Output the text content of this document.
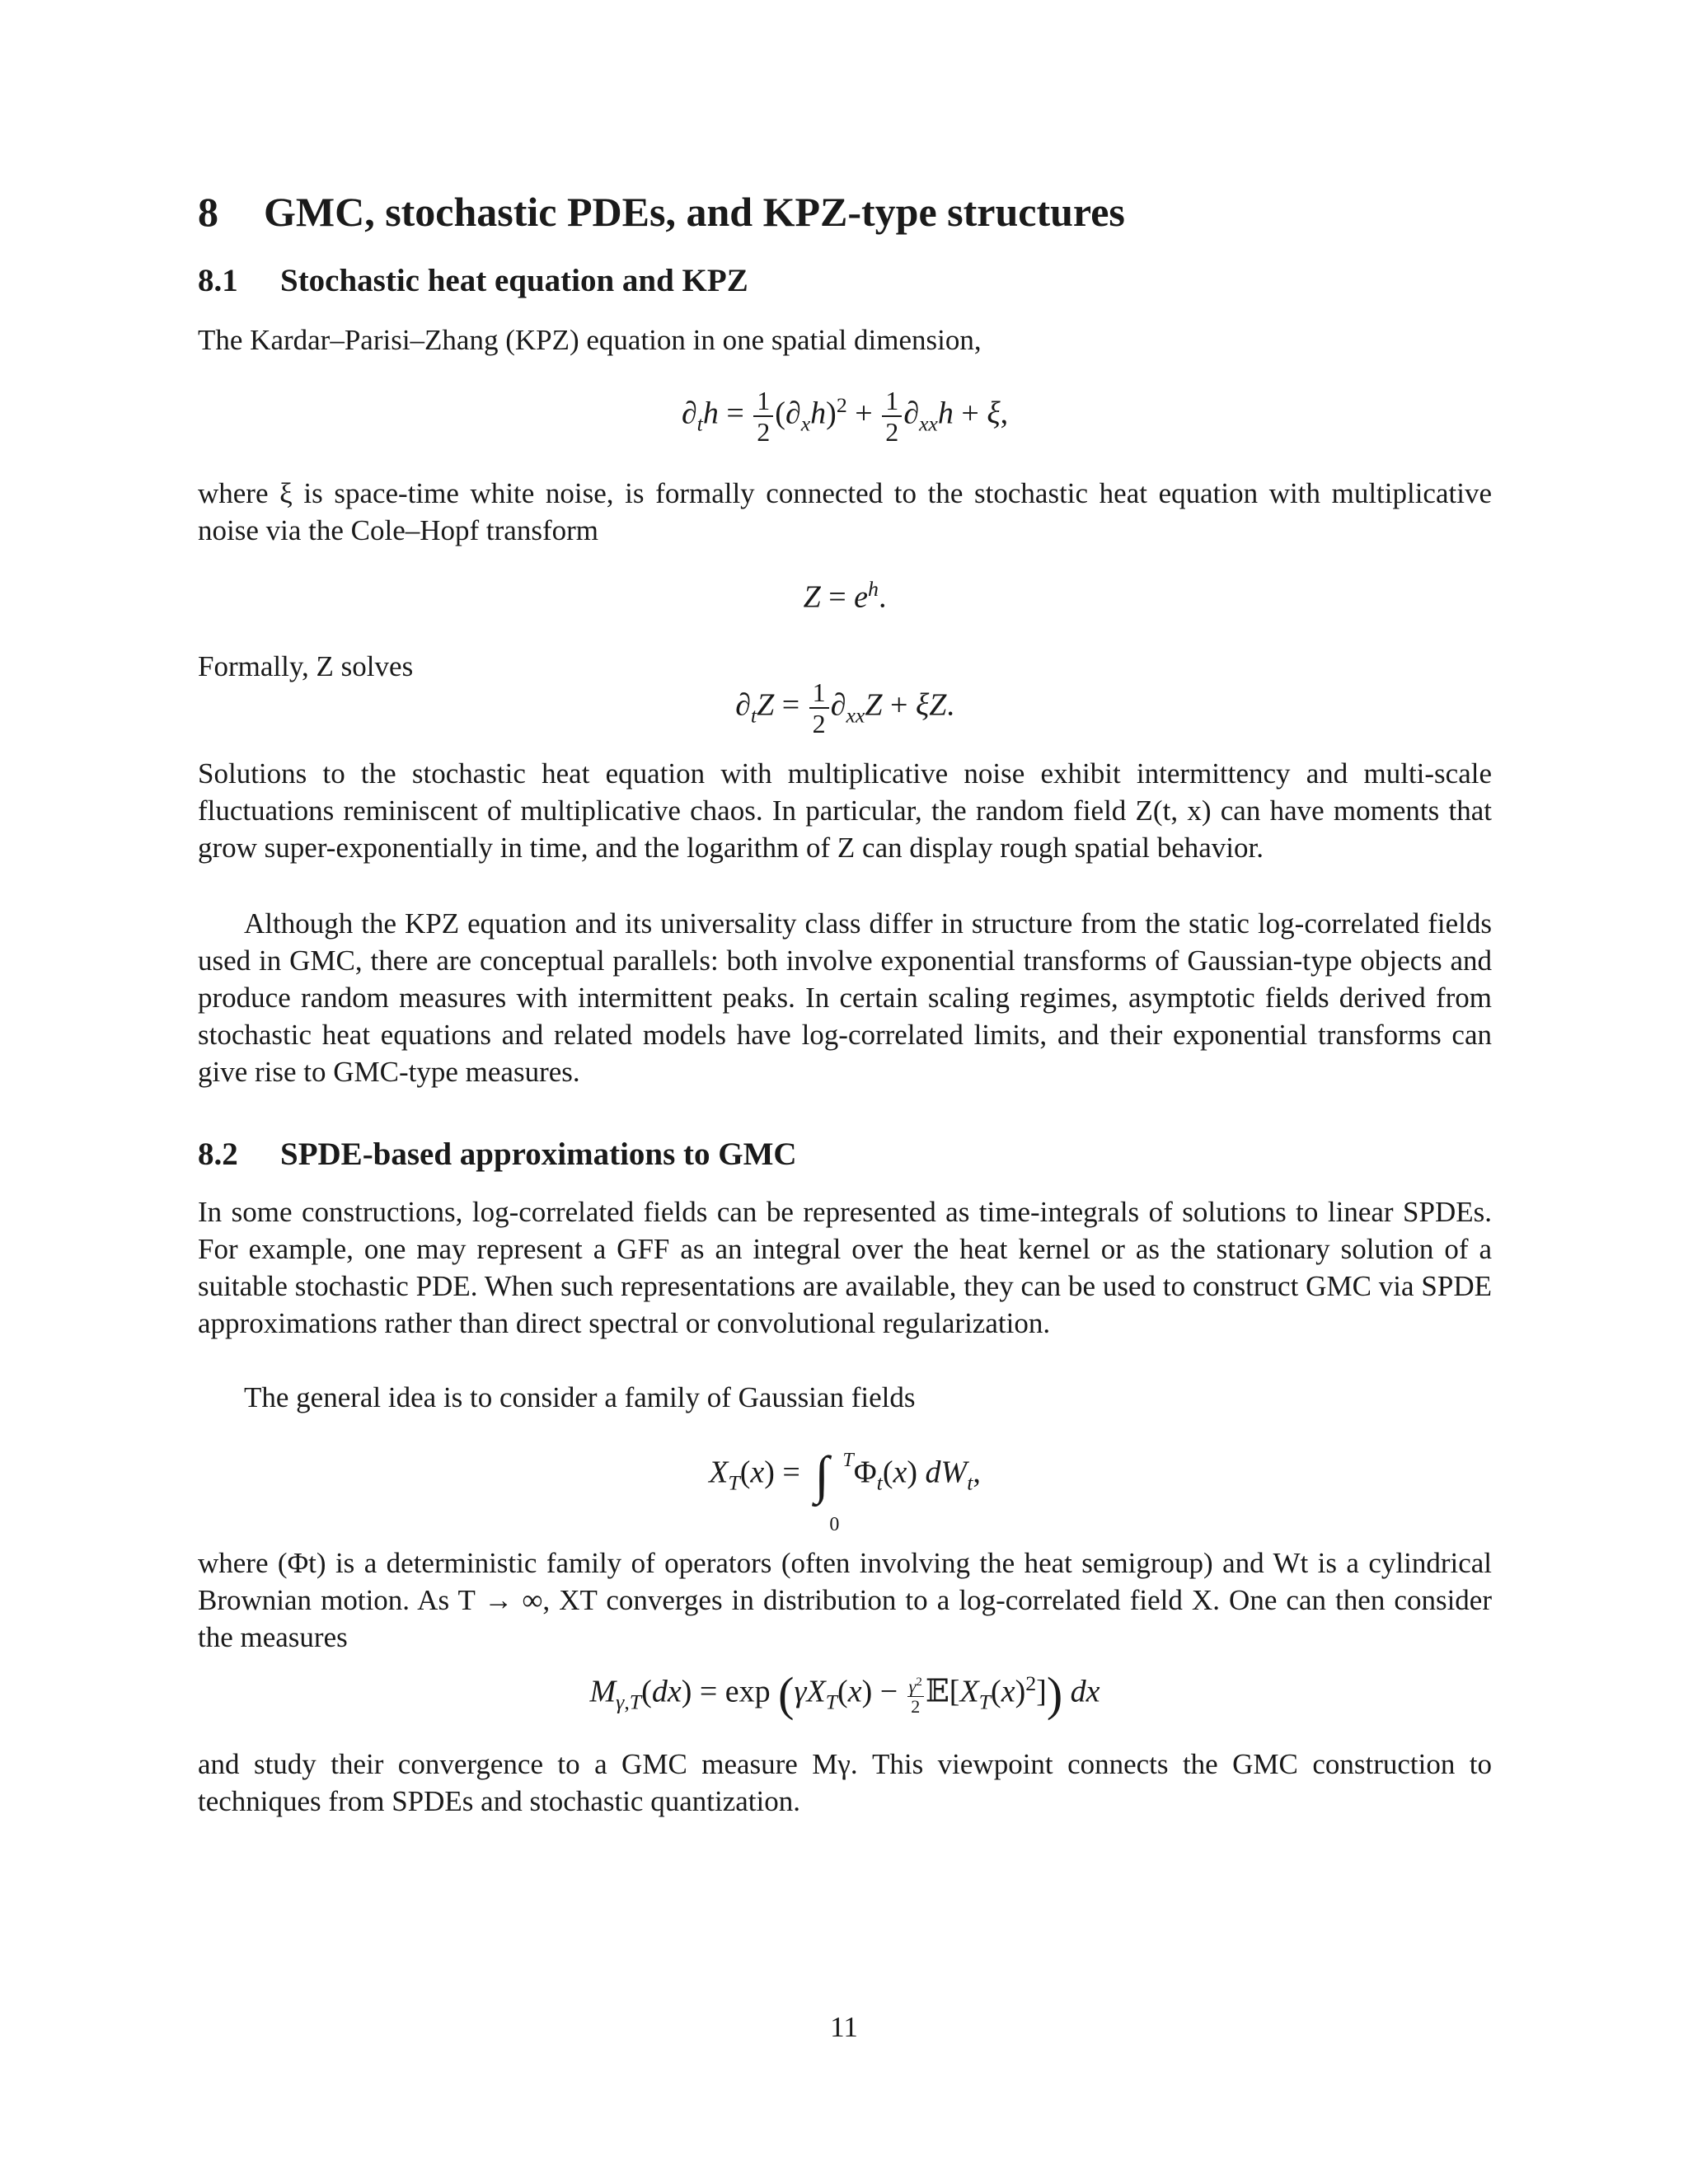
8 GMC, stochastic PDEs, and KPZ-type structures
8.1 Stochastic heat equation and KPZ
The Kardar–Parisi–Zhang (KPZ) equation in one spatial dimension,
$\partial_th = \frac{1}{2} (\partial_xh)^2 + \frac{1}{2} \partial_{xx}h + \xi$,
where ξ is space-time white noise, is formally connected to the stochastic heat equation with multiplicative noise via the Cole–Hopf transform
$Z = e^h$.
Formally, Z solves
$\partial_tZ = \frac{1}{2} \partial_{xx}Z + \xi Z$.
Solutions to the stochastic heat equation with multiplicative noise exhibit intermittency and multi-scale fluctuations reminiscent of multiplicative chaos. In particular, the random field Z(t, x) can have moments that grow super-exponentially in time, and the logarithm of Z can display rough spatial behavior.
Although the KPZ equation and its universality class differ in structure from the static log-correlated fields used in GMC, there are conceptual parallels: both involve exponential transforms of Gaussian-type objects and produce random measures with intermittent peaks. In certain scaling regimes, asymptotic fields derived from stochastic heat equations and related models have log-correlated limits, and their exponential transforms can give rise to GMC-type measures.
8.2 SPDE-based approximations to GMC
In some constructions, log-correlated fields can be represented as time-integrals of solutions to linear SPDEs. For example, one may represent a GFF as an integral over the heat kernel or as the stationary solution of a suitable stochastic PDE. When such representations are available, they can be used to construct GMC via SPDE approximations rather than direct spectral or convolutional regularization.
The general idea is to consider a family of Gaussian fields
$X_T(x)$ = ∫ T
0
$\Phi_t(x)$ $dW_t$,
where (Φt) is a deterministic family of operators (often involving the heat semigroup) and Wt is a cylindrical Brownian motion. As T → ∞, XT converges in distribution to a log-correlated field X. One can then consider the measures
$M_{\gamma,T}(dx) = \exp (\gamma X_T(x) - \frac{\gamma^2}{2}$ $𝔼[X_T(x)^2]$) dx
and study their convergence to a GMC measure Mγ. This viewpoint connects the GMC construction to techniques from SPDEs and stochastic quantization.
11
